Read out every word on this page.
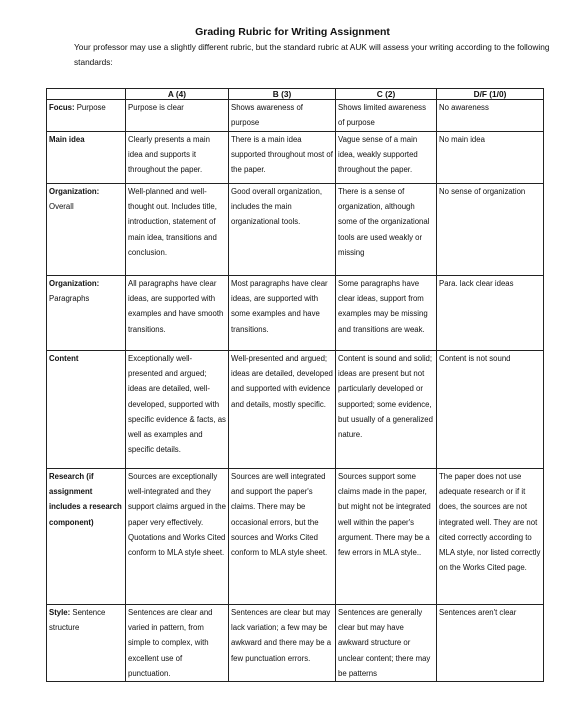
Grading Rubric for Writing Assignment
Your professor may use a slightly different rubric, but the standard rubric at AUK will assess your writing according to the following standards:
	A (4)	B (3)	C (2)	D/F (1/0)
Focus: Purpose	Purpose is clear	Shows awareness of purpose	Shows limited awareness of purpose	No awareness
Main idea	Clearly presents a main idea and supports it throughout the paper.	There is a main idea supported throughout most of the paper.	Vague sense of a main idea, weakly supported throughout the paper.	No main idea
Organization: Overall	Well-planned and well-thought out. Includes title, introduction, statement of main idea, transitions and conclusion.	Good overall organization, includes the main organizational tools.	There is a sense of organization, although some of the organizational tools are used weakly or missing	No sense of organization
Organization: Paragraphs	All paragraphs have clear ideas, are supported with examples and have smooth transitions.	Most paragraphs have clear ideas, are supported with some examples and have transitions.	Some paragraphs have clear ideas, support from examples may be missing and transitions are weak.	Para. lack clear ideas
Content	Exceptionally well-presented and argued; ideas are detailed, well-developed, supported with specific evidence & facts, as well as examples and specific details.	Well-presented and argued; ideas are detailed, developed and supported with evidence and details, mostly specific.	Content is sound and solid; ideas are present but not particularly developed or supported; some evidence, but usually of a generalized nature.	Content is not sound
Research (if assignment includes a research component)	Sources are exceptionally well-integrated and they support claims argued in the paper very effectively. Quotations and Works Cited conform to MLA style sheet.	Sources are well integrated and support the paper's claims. There may be occasional errors, but the sources and Works Cited conform to MLA style sheet.	Sources support some claims made in the paper, but might not be integrated well within the paper's argument. There may be a few errors in MLA style..	The paper does not use adequate research or if it does, the sources are not integrated well. They are not cited correctly according to MLA style, nor listed correctly on the Works Cited page.
Style: Sentence structure	Sentences are clear and varied in pattern, from simple to complex, with excellent use of punctuation.	Sentences are clear but may lack variation; a few may be awkward and there may be a few punctuation errors.	Sentences are generally clear but may have awkward structure or unclear content; there may be patterns	Sentences aren't clear
